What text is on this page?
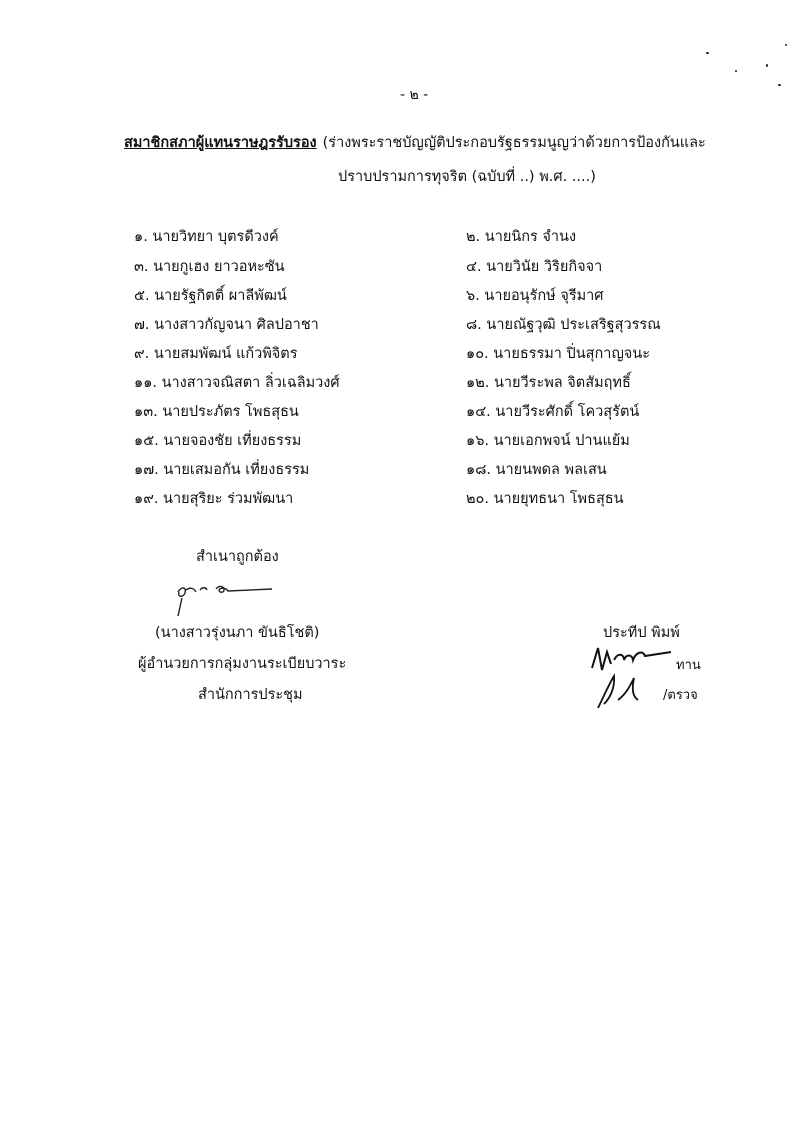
- ๒ -
สมาชิกสภาผู้แทนราษฎรรับรอง (ร่างพระราชบัญญัติประกอบรัฐธรรมนูญว่าด้วยการป้องกันและ
ปราบปรามการทุจริต (ฉบับที่ ..) พ.ศ. ....)
๑. นายวิทยา บุตรดีวงค์	๒. นายนิกร จำนง
๓. นายกูเฮง ยาวอหะซัน	๔. นายวินัย วิริยกิจจา
๕. นายรัฐกิตติ์ ผาลีพัฒน์	๖. นายอนุรักษ์ จุรีมาศ
๗. นางสาวกัญจนา ศิลปอาชา	๘. นายณัฐวุฒิ ประเสริฐสุวรรณ
๙. นายสมพัฒน์ แก้วพิจิตร	๑๐. นายธรรมา ปิ่นสุกาญจนะ
๑๑. นางสาวจณิสตา ลิ่วเฉลิมวงศ์	๑๒. นายวีระพล จิตสัมฤทธิ์
๑๓. นายประภัตร โพธสุธน	๑๔. นายวีระศักดิ์ โควสุรัตน์
๑๕. นายจองชัย เที่ยงธรรม	๑๖. นายเอกพจน์ ปานแย้ม
๑๗. นายเสมอกัน เที่ยงธรรม	๑๘. นายนพดล พลเสน
๑๙. นายสุริยะ ร่วมพัฒนา	๒๐. นายยุทธนา โพธสุธน
สำเนาถูกต้อง
(นางสาวรุ่งนภา ขันธิโชติ)
ผู้อำนวยการกลุ่มงานระเบียบวาระ
สำนักการประชุม
ประทีป พิมพ์
ทาน
/ตรวจ
